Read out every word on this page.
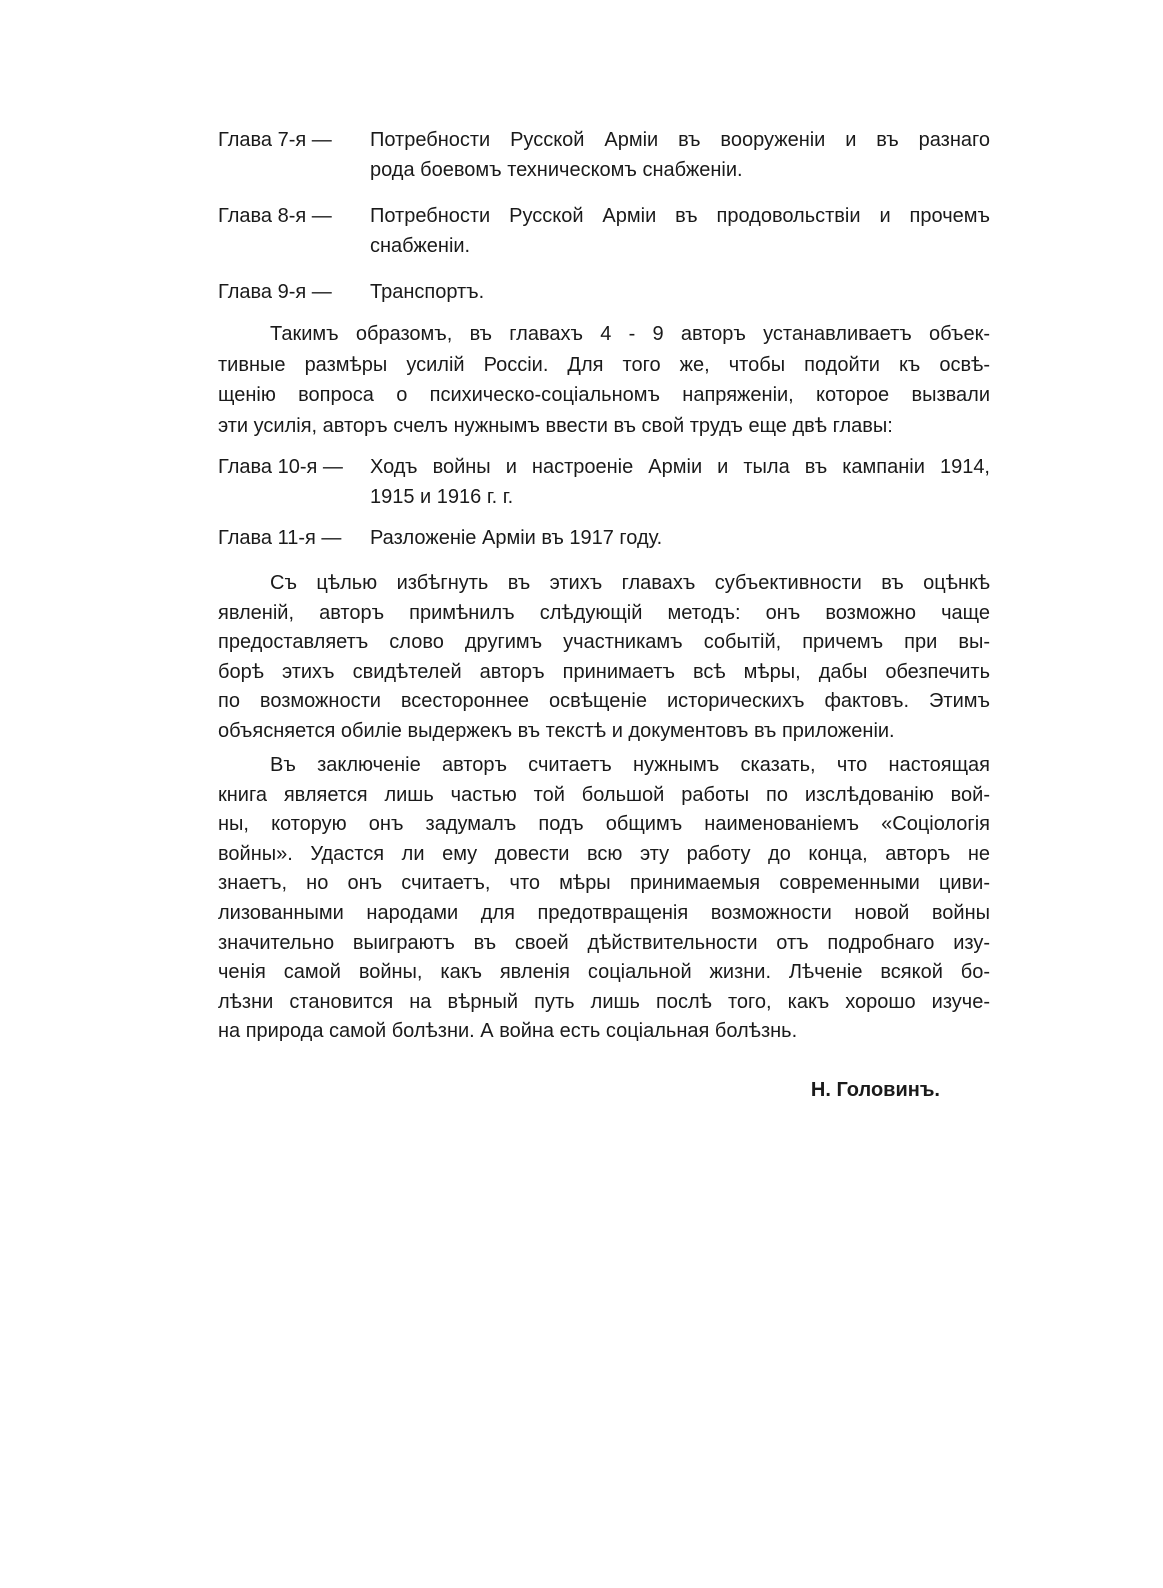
Глава 7-я —	Потребности Русской Арміи въ вооруженіи и въ разнаго
рода боевомъ техническомъ снабженіи.
Глава 8-я —	Потребности Русской Арміи въ продовольствіи и прочемъ
снабженіи.
Глава 9-я —	Транспортъ.
Такимъ образомъ, въ главахъ 4 - 9 авторъ устанавливаетъ объек-
тивные размѣры усилій Россіи. Для того же, чтобы подойти къ освѣ-
щенію вопроса о психическо-соціальномъ напряженіи, которое вызвали
эти усилія, авторъ счелъ нужнымъ ввести въ свой трудъ еще двѣ главы:
Глава 10-я —	Ходъ войны и настроеніе Арміи и тыла въ кампаніи 1914,
1915 и 1916 г. г.
Глава 11-я —	Разложеніе Арміи въ 1917 году.
Съ цѣлью избѣгнуть въ этихъ главахъ субъективности въ оцѣнкѣ
явленій, авторъ примѣнилъ слѣдующій методъ: онъ возможно чаще
предоставляетъ слово другимъ участникамъ событій, причемъ при вы-
борѣ этихъ свидѣтелей авторъ принимаетъ всѣ мѣры, дабы обезпечить
по возможности всестороннее освѣщеніе историческихъ фактовъ. Этимъ
объясняется обиліе выдержекъ въ текстѣ и документовъ въ приложеніи.
Въ заключеніе авторъ считаетъ нужнымъ сказать, что настоящая
книга является лишь частью той большой работы по изслѣдованію вой-
ны, которую онъ задумалъ подъ общимъ наименованіемъ «Соціологія
войны». Удастся ли ему довести всю эту работу до конца, авторъ не
знаетъ, но онъ считаетъ, что мѣры принимаемыя современными циви-
лизованными народами для предотвращенія возможности новой войны
значительно выиграютъ въ своей дѣйствительности отъ подробнаго изу-
ченія самой войны, какъ явленія соціальной жизни. Лѣченіе всякой бо-
лѣзни становится на вѣрный путь лишь послѣ того, какъ хорошо изуче-
на природа самой болѣзни. А война есть соціальная болѣзнь.
Н. Головинъ.
